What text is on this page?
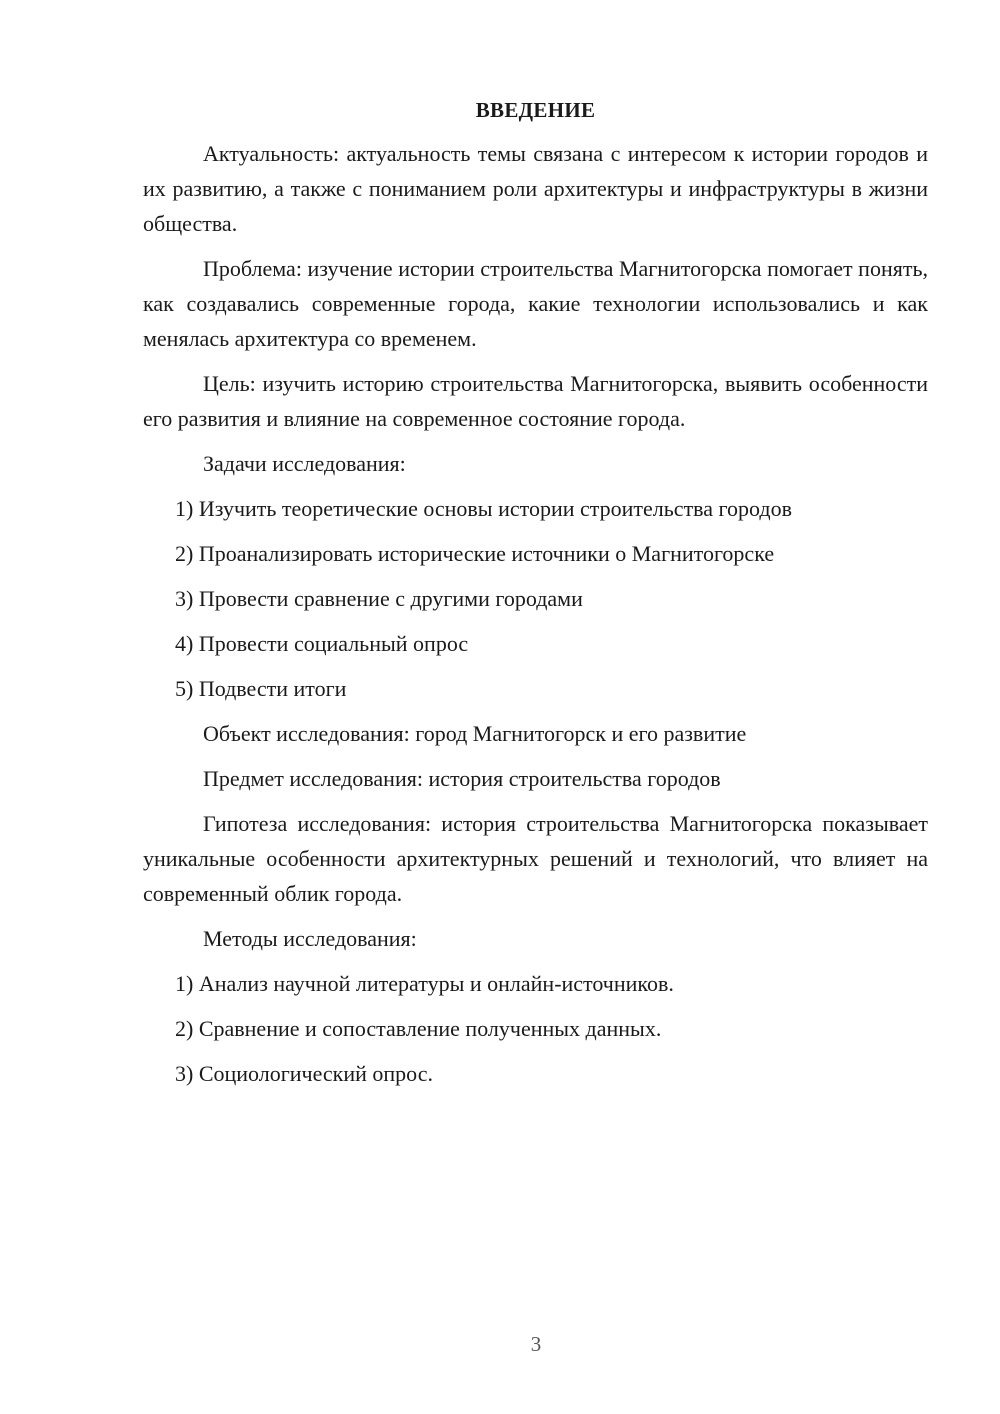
ВВЕДЕНИЕ

Актуальность: актуальность темы связана с интересом к истории городов и их развитию, а также с пониманием роли архитектуры и инфраструктуры в жизни общества.

Проблема: изучение истории строительства Магнитогорска помогает понять, как создавались современные города, какие технологии использовались и как менялась архитектура со временем.

Цель: изучить историю строительства Магнитогорска, выявить особенности его развития и влияние на современное состояние города.

Задачи исследования:
1) Изучить теоретические основы истории строительства городов
2) Проанализировать исторические источники о Магнитогорске
3) Провести сравнение с другими городами
4) Провести социальный опрос
5) Подвести итоги
Объект исследования: город Магнитогорск и его развитие
Предмет исследования: история строительства городов

Гипотеза исследования: история строительства Магнитогорска показывает уникальные особенности архитектурных решений и технологий, что влияет на современный облик города.

Методы исследования:
1) Анализ научной литературы и онлайн-источников.
2) Сравнение и сопоставление полученных данных.
3) Социологический опрос.
3
